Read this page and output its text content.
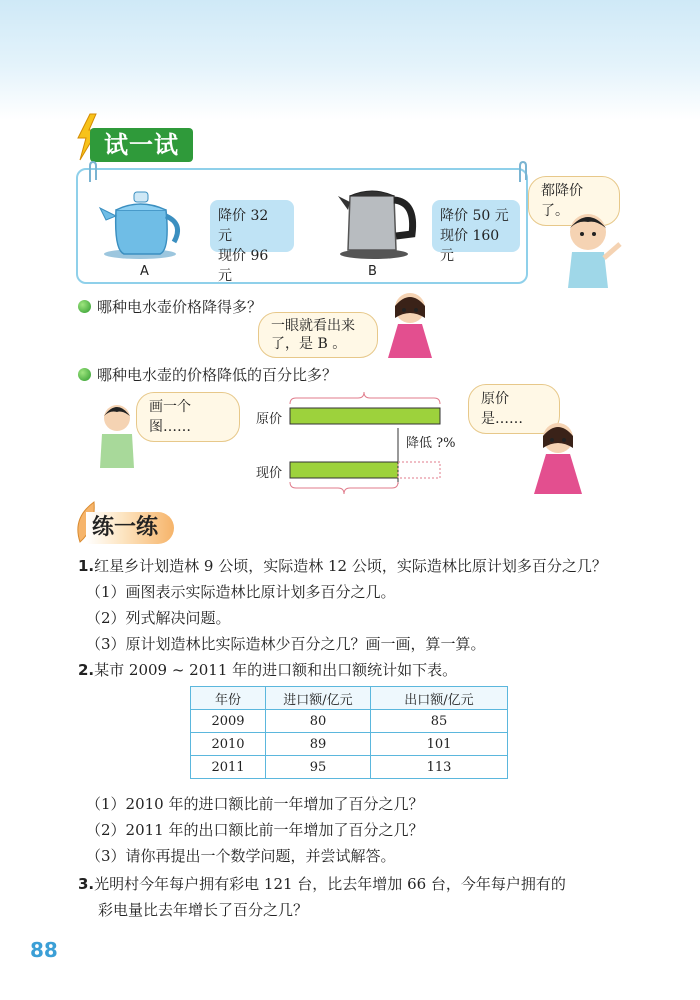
试一试
A
降价 32 元
现价 96 元	B
降价 50 元
现价 160 元
都降价了。
哪种电水壶价格降得多？
一眼就看出来
了，是 B 。
哪种电水壶的价格降低的百分比多？
画一个图……
原价是……
原价
现价
降低 ?%
练一练
1.红星乡计划造林 9 公顷，实际造林 12 公顷，实际造林比原计划多百分之几？
（1）画图表示实际造林比原计划多百分之几。
（2）列式解决问题。
（3）原计划造林比实际造林少百分之几？画一画，算一算。
2.某市 2009 ~ 2011 年的进口额和出口额统计如下表。
年份	进口额/亿元	出口额/亿元
2009	80	85
2010	89	101
2011	95	113
（1）2010 年的进口额比前一年增加了百分之几？
（2）2011 年的出口额比前一年增加了百分之几？
（3）请你再提出一个数学问题，并尝试解答。
3.光明村今年每户拥有彩电 121 台，比去年增加 66 台，今年每户拥有的
彩电量比去年增长了百分之几？
88
